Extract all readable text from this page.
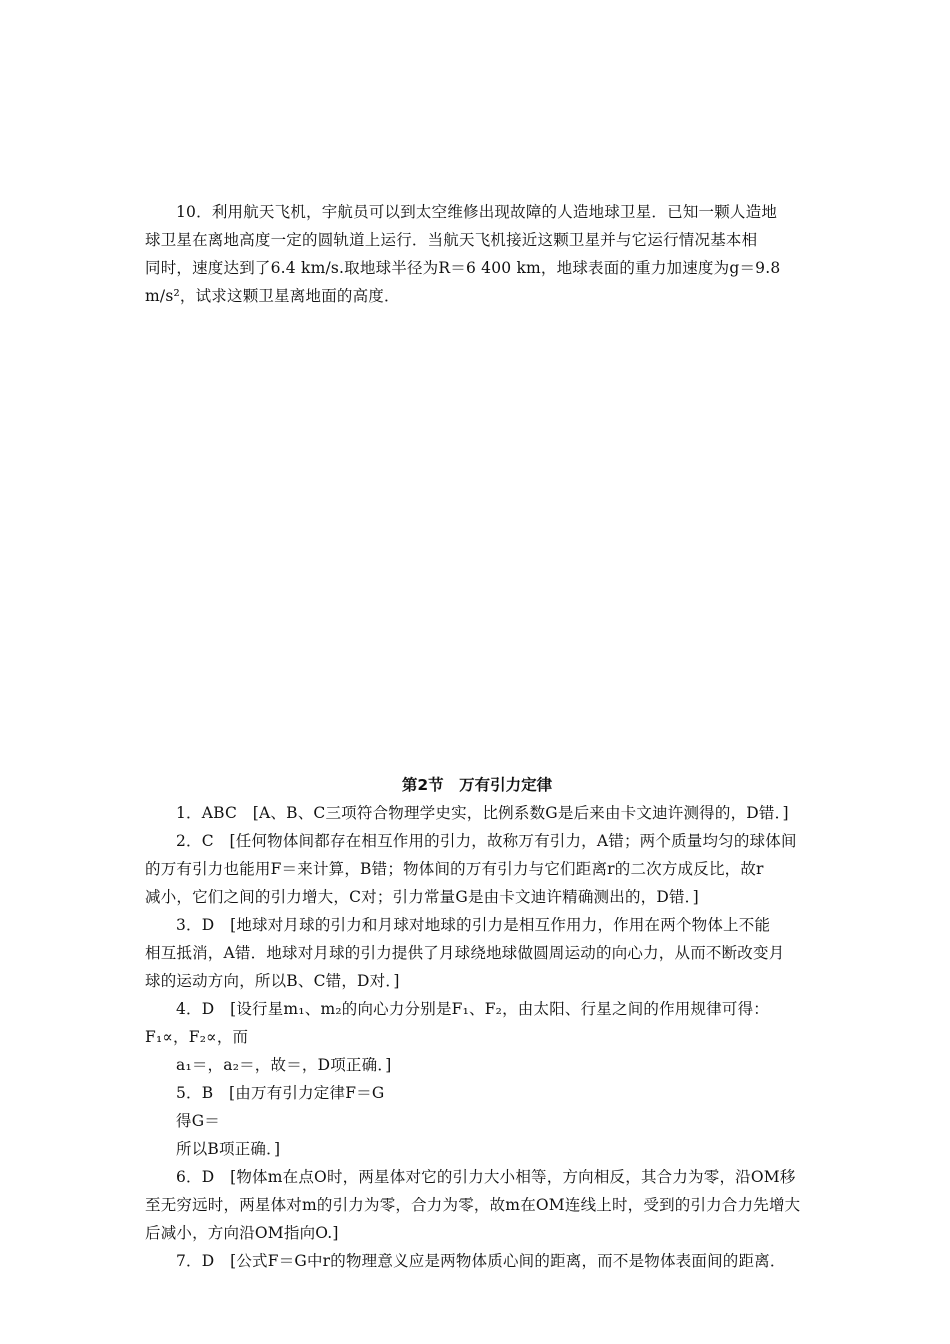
10．利用航天飞机，宇航员可以到太空维修出现故障的人造地球卫星．已知一颗人造地
球卫星在离地高度一定的圆轨道上运行．当航天飞机接近这颗卫星并与它运行情况基本相
同时，速度达到了6.4 km/s.取地球半径为R＝6 400 km，地球表面的重力加速度为g＝9.8
m/s²，试求这颗卫星离地面的高度．
第2节　万有引力定律
1．ABC　[A、B、C三项符合物理学史实，比例系数G是后来由卡文迪许测得的，D错．]
2．C　[任何物体间都存在相互作用的引力，故称万有引力，A错；两个质量均匀的球体间
的万有引力也能用F＝来计算，B错；物体间的万有引力与它们距离r的二次方成反比，故r
减小，它们之间的引力增大，C对；引力常量G是由卡文迪许精确测出的，D错．]
3．D　[地球对月球的引力和月球对地球的引力是相互作用力，作用在两个物体上不能
相互抵消，A错．地球对月球的引力提供了月球绕地球做圆周运动的向心力，从而不断改变月
球的运动方向，所以B、C错，D对．]
4．D　[设行星m₁、m₂的向心力分别是F₁、F₂，由太阳、行星之间的作用规律可得：
F₁∝，F₂∝，而
a₁＝，a₂＝，故＝，D项正确．]
5．B　[由万有引力定律F＝G
得G＝
所以B项正确．]
6．D　[物体m在点O时，两星体对它的引力大小相等，方向相反，其合力为零，沿OM移
至无穷远时，两星体对m的引力为零，合力为零，故m在OM连线上时，受到的引力合力先增大
后减小，方向沿OM指向O.]
7．D　[公式F＝G中r的物理意义应是两物体质心间的距离，而不是物体表面间的距离．
